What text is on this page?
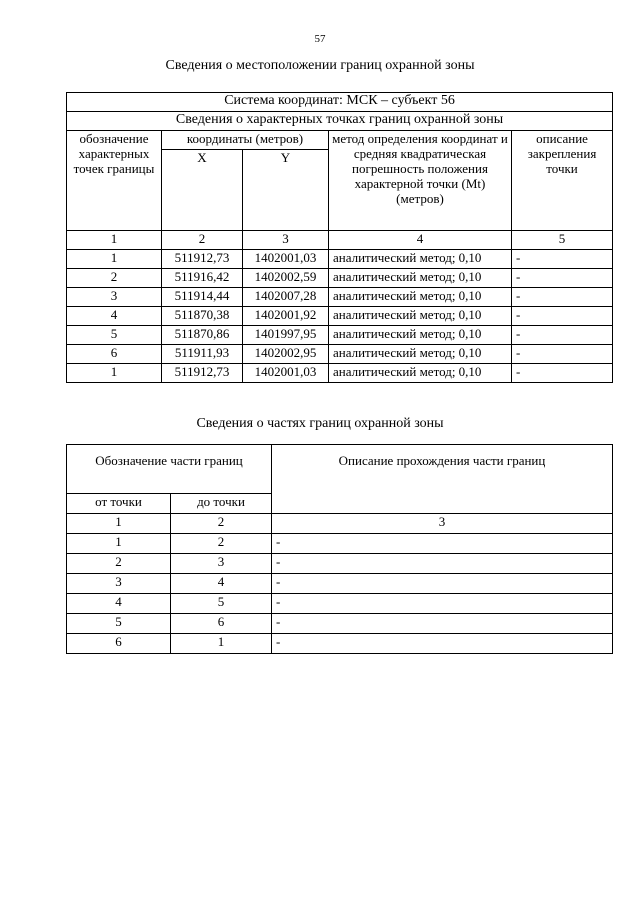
57
Сведения о местоположении границ охранной зоны
Система координат: МСК – субъект 56				
Сведения о характерных точках границ охранной зоны				
обозначение характерных точек границы	координаты (метров)		метод определения координат и средняя квадратическая погрешность положения характерной точки (Mt) (метров)	описание закрепления точки
	X	Y		
1	2	3	4	5
1	511912,73	1402001,03	аналитический метод; 0,10	-
2	511916,42	1402002,59	аналитический метод; 0,10	-
3	511914,44	1402007,28	аналитический метод; 0,10	-
4	511870,38	1402001,92	аналитический метод; 0,10	-
5	511870,86	1401997,95	аналитический метод; 0,10	-
6	511911,93	1402002,95	аналитический метод; 0,10	-
1	511912,73	1402001,03	аналитический метод; 0,10	-
Сведения о частях границ охранной зоны
Обозначение части границ		Описание прохождения части границ
от точки	до точки	
1	2	3
1	2	-
2	3	-
3	4	-
4	5	-
5	6	-
6	1	-
